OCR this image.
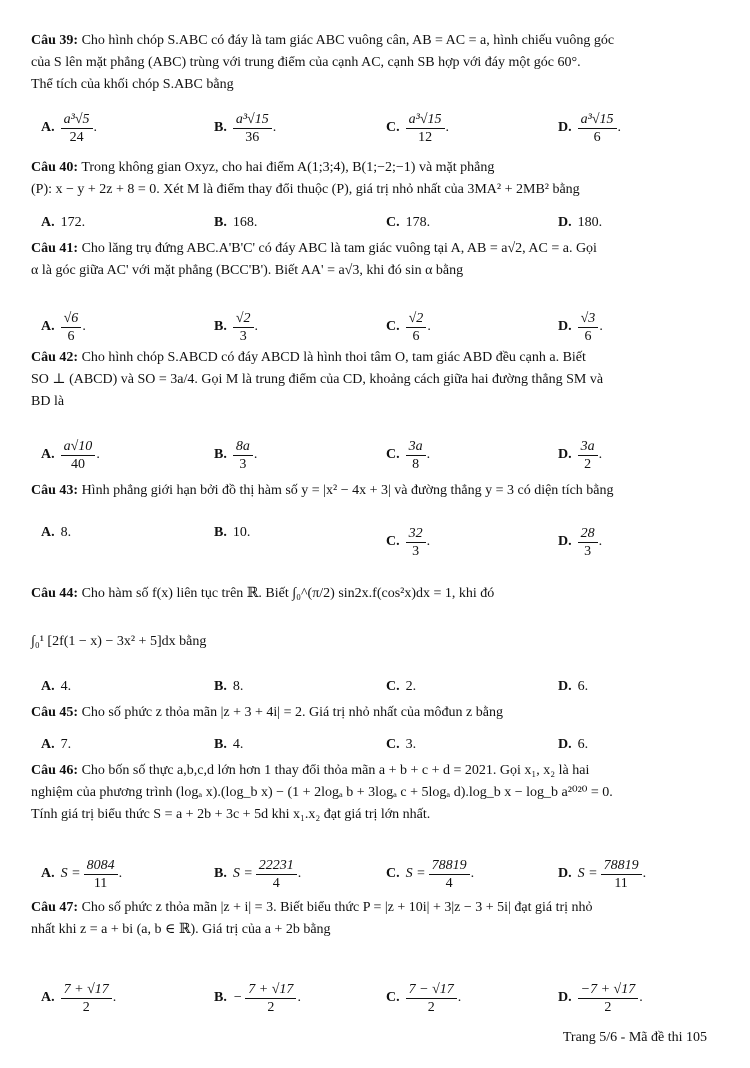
Câu 39: Cho hình chóp S.ABC có đáy là tam giác ABC vuông cân, AB = AC = a, hình chiếu vuông góc
của S lên mặt phẳng (ABC) trùng với trung điểm của cạnh AC, cạnh SB hợp với đáy một góc 60°.
Thể tích của khối chóp S.ABC bằng
A. $\frac{\text{a³√5}}{24}$ .	B. $\frac{\text{a³√15}}{36}$ .	C. $\frac{\text{a³√15}}{12}$ .	D. $\frac{\text{a³√15}}{6}$ .
Câu 40: Trong không gian Oxyz, cho hai điểm A(1;3;4), B(1;−2;−1) và mặt phẳng
(P): x − y + 2z + 8 = 0. Xét M là điểm thay đổi thuộc (P), giá trị nhỏ nhất của 3MA² + 2MB² bằng
A. 172.	B. 168.	C. 178.	D. 180.
Câu 41: Cho lăng trụ đứng ABC.A'B'C' có đáy ABC là tam giác vuông tại A, AB = a√2, AC = a. Gọi
α là góc giữa AC' với mặt phẳng (BCC'B'). Biết AA' = a√3, khi đó sin α bằng
A. $\frac{√6}{6}$ .	B. $\frac{√2}{3}$ .	C. $\frac{√2}{6}$ .	D. $\frac{√3}{6}$ .
Câu 42: Cho hình chóp S.ABCD có đáy ABCD là hình thoi tâm O, tam giác ABD đều cạnh a. Biết
SO ⊥ (ABCD) và SO = 3a/4. Gọi M là trung điểm của CD, khoảng cách giữa hai đường thẳng SM và
BD là
A. $\frac{a√10}{40}$ .	B. $\frac{8a}{3}$ .	C. $\frac{3a}{8}$ .	D. $\frac{3a}{2}$ .
Câu 43: Hình phẳng giới hạn bởi đồ thị hàm số y = |x² − 4x + 3| và đường thẳng y = 3 có diện tích bằng
A. 8.	B. 10.
C. $\frac{32}{3}$ .	D. $\frac{28}{3}$ .
Câu 44: Cho hàm số f(x) liên tục trên ℝ. Biết ∫₀^(π/2) sin2x.f(cos²x)dx = 1, khi đó
∫₀¹ [2f(1 − x) − 3x² + 5]dx bằng
A. 4.	B. 8.	C. 2.	D. 6.
Câu 45: Cho số phức z thỏa mãn |z + 3 + 4i| = 2. Giá trị nhỏ nhất của môđun z bằng
A. 7.	B. 4.	C. 3.	D. 6.
Câu 46: Cho bốn số thực a,b,c,d lớn hơn 1 thay đổi thỏa mãn a + b + c + d = 2021. Gọi x₁, x₂ là hai
nghiệm của phương trình (logₐ x).(log_b x) − (1 + 2logₐ b + 3logₐ c + 5logₐ d).log_b x − log_b a²⁰²⁰ = 0.
Tính giá trị biểu thức S = a + 2b + 3c + 5d khi x₁.x₂ đạt giá trị lớn nhất.
A. $S = \frac{8084}{11}$ .	B. $S = \frac{22231}{4}$ .	C. $S = \frac{78819}{4}$ .	D. $S = \frac{78819}{11}$ .
Câu 47: Cho số phức z thỏa mãn |z + i| = 3. Biết biểu thức P = |z + 10i| + 3|z − 3 + 5i| đạt giá trị nhỏ
nhất khi z = a + bi (a, b ∈ ℝ). Giá trị của a + 2b bằng
A. $\frac{7 + √17}{2}$ .	B. − $\frac{7 + √17}{2}$ .	C. $\frac{7 - √17}{2}$ .	D. $\frac{-7 + √17}{2}$ .
Trang 5/6 - Mã đề thi 105
